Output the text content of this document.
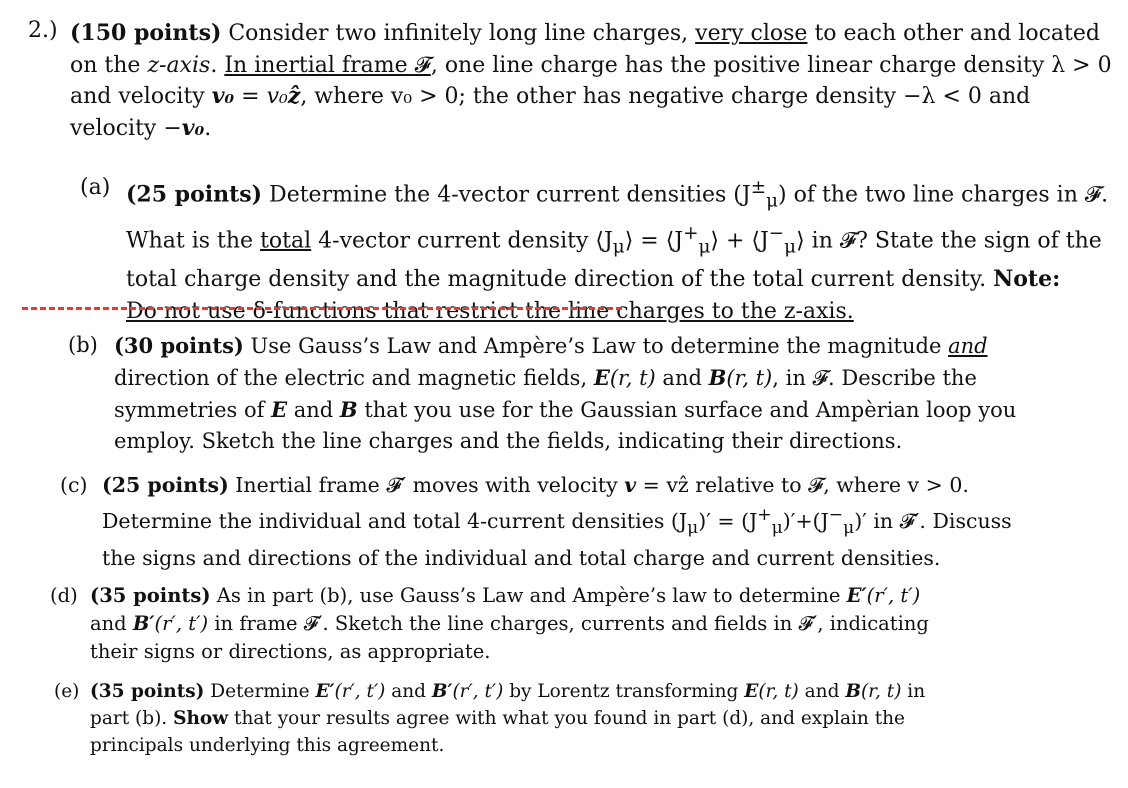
2.) (150 points) Consider two infinitely long line charges, very close to each other and located on the z-axis. In inertial frame 𝓕, one line charge has the positive linear charge density λ > 0 and velocity v₀ = v₀ẑ, where v₀ > 0; the other has negative charge density −λ < 0 and velocity −v₀.
(a) (25 points) Determine the 4-vector current densities $(J^\pm_\mu)$ of the two line charges in 𝓕. What is the total 4-vector current density $⟨J_\mu⟩$ = $⟨J^+_\mu⟩$ + $⟨J^-_\mu⟩$ in 𝓕? State the sign of the total charge density and the magnitude direction of the total current density. Note:
Do not use δ-functions that restrict the line charges to the z-axis.
(b) (30 points) Use Gauss’s Law and Ampère’s Law to determine the magnitude and direction of the electric and magnetic fields, E(r, t) and B(r, t), in 𝓕. Describe the symmetries of E and B that you use for the Gaussian surface and Ampèrian loop you employ. Sketch the line charges and the fields, indicating their directions.
(c) (25 points) Inertial frame 𝓕′ moves with velocity v = vẑ relative to 𝓕, where v > 0. Determine the individual and total 4-current densities $(J_\mu)' = (J^+_\mu)'+(J^-_\mu)'$ in 𝓕′. Discuss the signs and directions of the individual and total charge and current densities.
(d) (35 points) As in part (b), use Gauss’s Law and Ampère’s law to determine E′(r′, t′) and B′(r′, t′) in frame 𝓕′. Sketch the line charges, currents and fields in 𝓕′, indicating their signs or directions, as appropriate.
(e) (35 points) Determine E′(r′, t′) and B′(r′, t′) by Lorentz transforming E(r, t) and B(r, t) in part (b). Show that your results agree with what you found in part (d), and explain the principals underlying this agreement.
